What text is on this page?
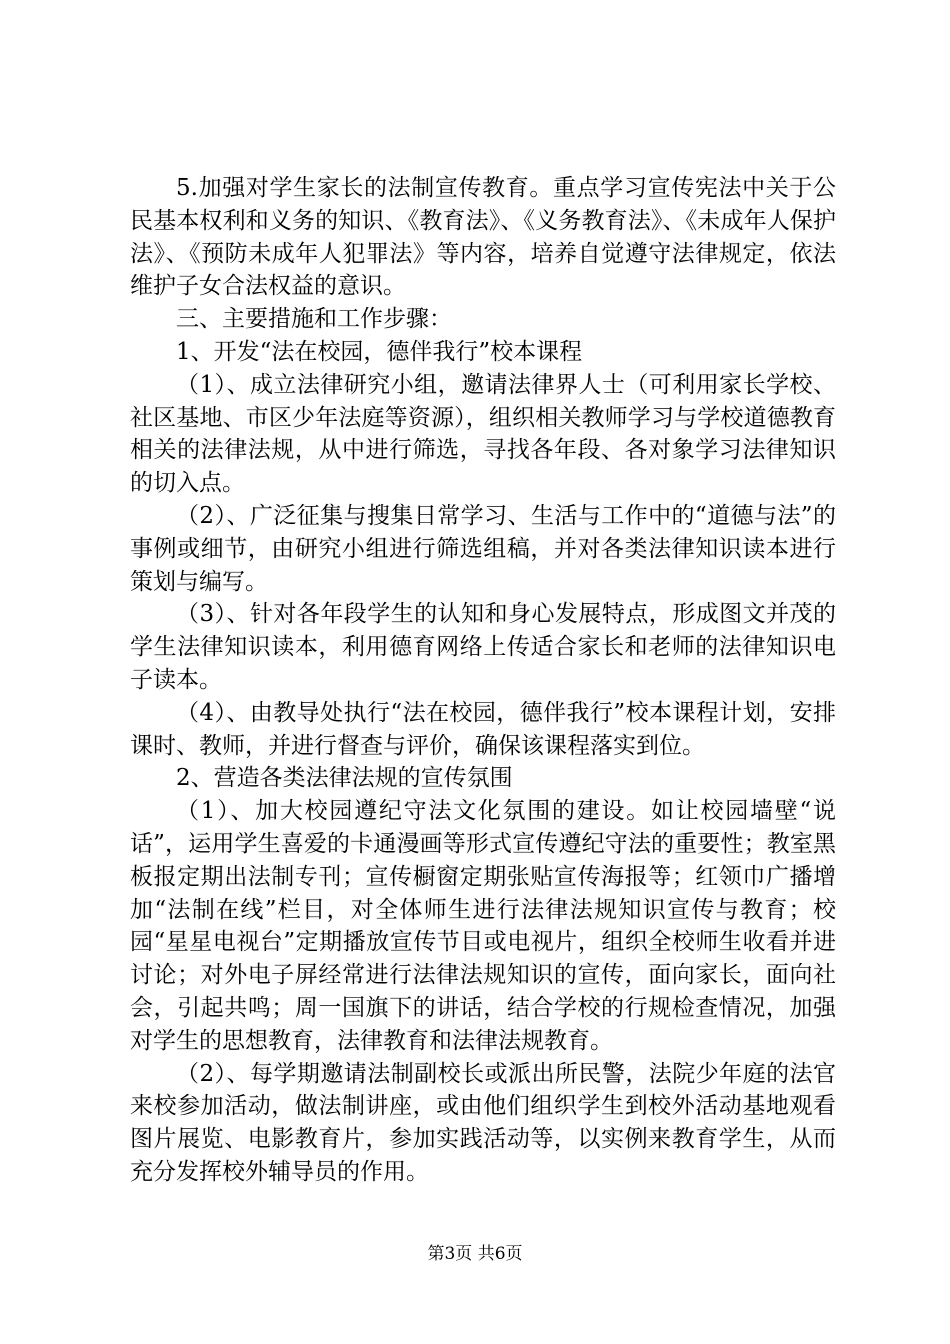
5.加强对学生家长的法制宣传教育。重点学习宣传宪法中关于公民基本权利和义务的知识、《教育法》、《义务教育法》、《未成年人保护法》、《预防未成年人犯罪法》等内容，培养自觉遵守法律规定，依法维护子女合法权益的意识。

三、主要措施和工作步骤：

1、开发“法在校园，德伴我行”校本课程

（1）、成立法律研究小组，邀请法律界人士（可利用家长学校、社区基地、市区少年法庭等资源），组织相关教师学习与学校道德教育相关的法律法规，从中进行筛选，寻找各年段、各对象学习法律知识的切入点。

（2）、广泛征集与搜集日常学习、生活与工作中的“道德与法”的事例或细节，由研究小组进行筛选组稿，并对各类法律知识读本进行策划与编写。

（3）、针对各年段学生的认知和身心发展特点，形成图文并茂的学生法律知识读本，利用德育网络上传适合家长和老师的法律知识电子读本。

（4）、由教导处执行“法在校园，德伴我行”校本课程计划，安排课时、教师，并进行督查与评价，确保该课程落实到位。

2、营造各类法律法规的宣传氛围

（1）、加大校园遵纪守法文化氛围的建设。如让校园墙壁“说话”，运用学生喜爱的卡通漫画等形式宣传遵纪守法的重要性；教室黑板报定期出法制专刊；宣传橱窗定期张贴宣传海报等；红领巾广播增加“法制在线”栏目，对全体师生进行法律法规知识宣传与教育；校园“星星电视台”定期播放宣传节目或电视片，组织全校师生收看并进讨论；对外电子屏经常进行法律法规知识的宣传，面向家长，面向社会，引起共鸣；周一国旗下的讲话，结合学校的行规检查情况，加强对学生的思想教育，法律教育和法律法规教育。

（2）、每学期邀请法制副校长或派出所民警，法院少年庭的法官来校参加活动，做法制讲座，或由他们组织学生到校外活动基地观看图片展览、电影教育片，参加实践活动等，以实例来教育学生，从而充分发挥校外辅导员的作用。

第3页 共6页
